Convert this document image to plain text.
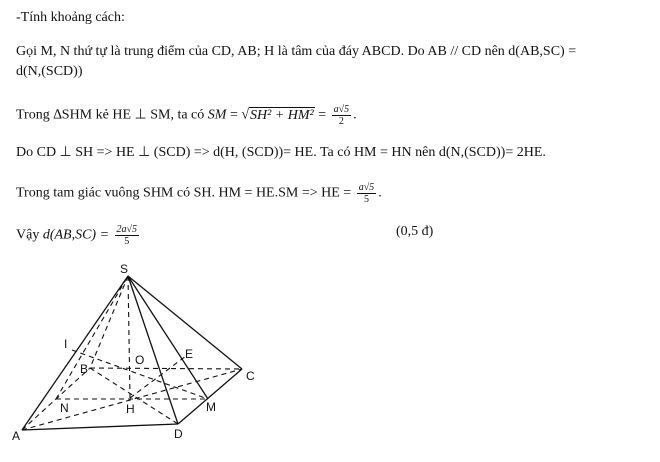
-Tính khoảng cách:
Gọi M, N thứ tự là trung điểm của CD, AB; H là tâm của đáy ABCD. Do AB // CD nên d(AB,SC) =
d(N,(SCD))
Trong ∆SHM kẻ HE ⊥ SM, ta có SM = $√SH^2 + HM^2 = \frac{a√5}{2}$ .
Do CD ⊥ SH => HE ⊥ (SCD) => d(H, (SCD))= HE. Ta có HM = HN nên d(N,(SCD))= 2HE.
Trong tam giác vuông SHM có SH. HM = HE.SM => HE = $\frac{a√5}{5}$ .
Vậy $d(AB,SC) = \frac{2a√5}{5}$	(0,5 đ)
S
I
B
O	E
C
N	H	M
A	D
